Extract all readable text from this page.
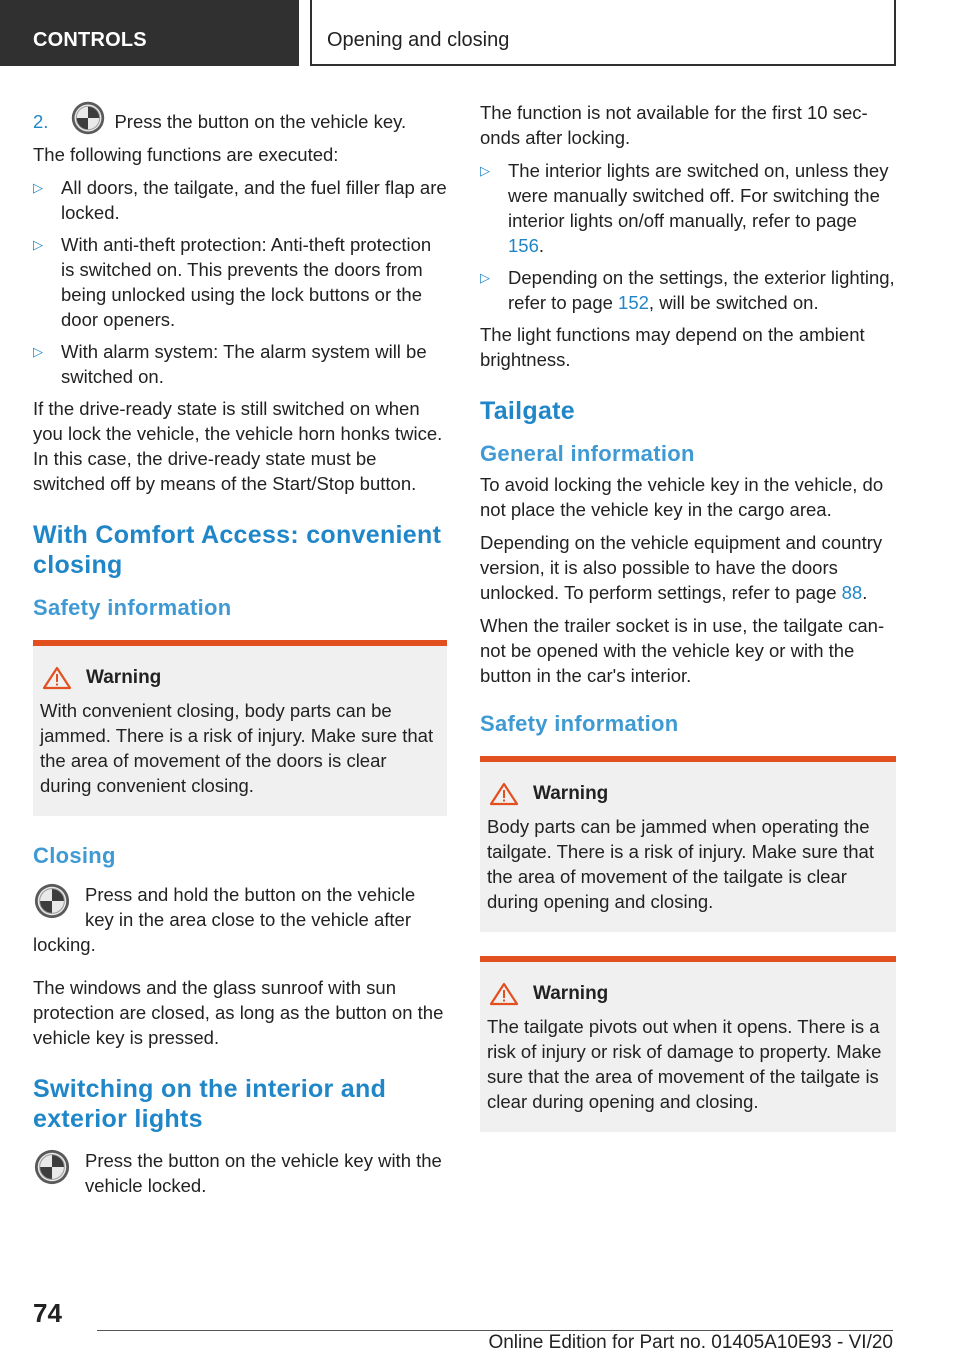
CONTROLS	Opening and closing

2.	Press the button on the vehicle key.

The following functions are executed:

▷ All doors, the tailgate, and the fuel filler flap are locked.
▷ With anti-theft protection: Anti-theft protection is switched on. This prevents the doors from being unlocked using the lock buttons or the door openers.
▷ With alarm system: The alarm system will be switched on.

If the drive-ready state is still switched on when you lock the vehicle, the vehicle horn honks twice. In this case, the drive-ready state must be switched off by means of the Start/Stop button.

With Comfort Access: convenient closing
Safety information
Warning

With convenient closing, body parts can be jammed. There is a risk of injury. Make sure that the area of movement of the doors is clear during convenient closing.

Closing
Press and hold the button on the vehicle key in the area close to the vehicle after
locking.

The windows and the glass sunroof with sun protection are closed, as long as the button on the vehicle key is pressed.

Switching on the interior and exterior lights
Press the button on the vehicle key with the vehicle locked.

The function is not available for the first 10 seconds after locking.

▷ The interior lights are switched on, unless they were manually switched off. For switching the interior lights on/off manually, refer to page 156.
▷ Depending on the settings, the exterior lighting, refer to page 152, will be switched on.

The light functions may depend on the ambient brightness.

Tailgate
General information

To avoid locking the vehicle key in the vehicle, do not place the vehicle key in the cargo area.

Depending on the vehicle equipment and country version, it is also possible to have the doors unlocked. To perform settings, refer to page 88.

When the trailer socket is in use, the tailgate cannot be opened with the vehicle key or with the button in the car's interior.

Safety information
Warning

Body parts can be jammed when operating the tailgate. There is a risk of injury. Make sure that the area of movement of the tailgate is clear during opening and closing.

Warning

The tailgate pivots out when it opens. There is a risk of injury or risk of damage to property. Make sure that the area of movement of the tailgate is clear during opening and closing.

74
Online Edition for Part no. 01405A10E93 - VI/20
